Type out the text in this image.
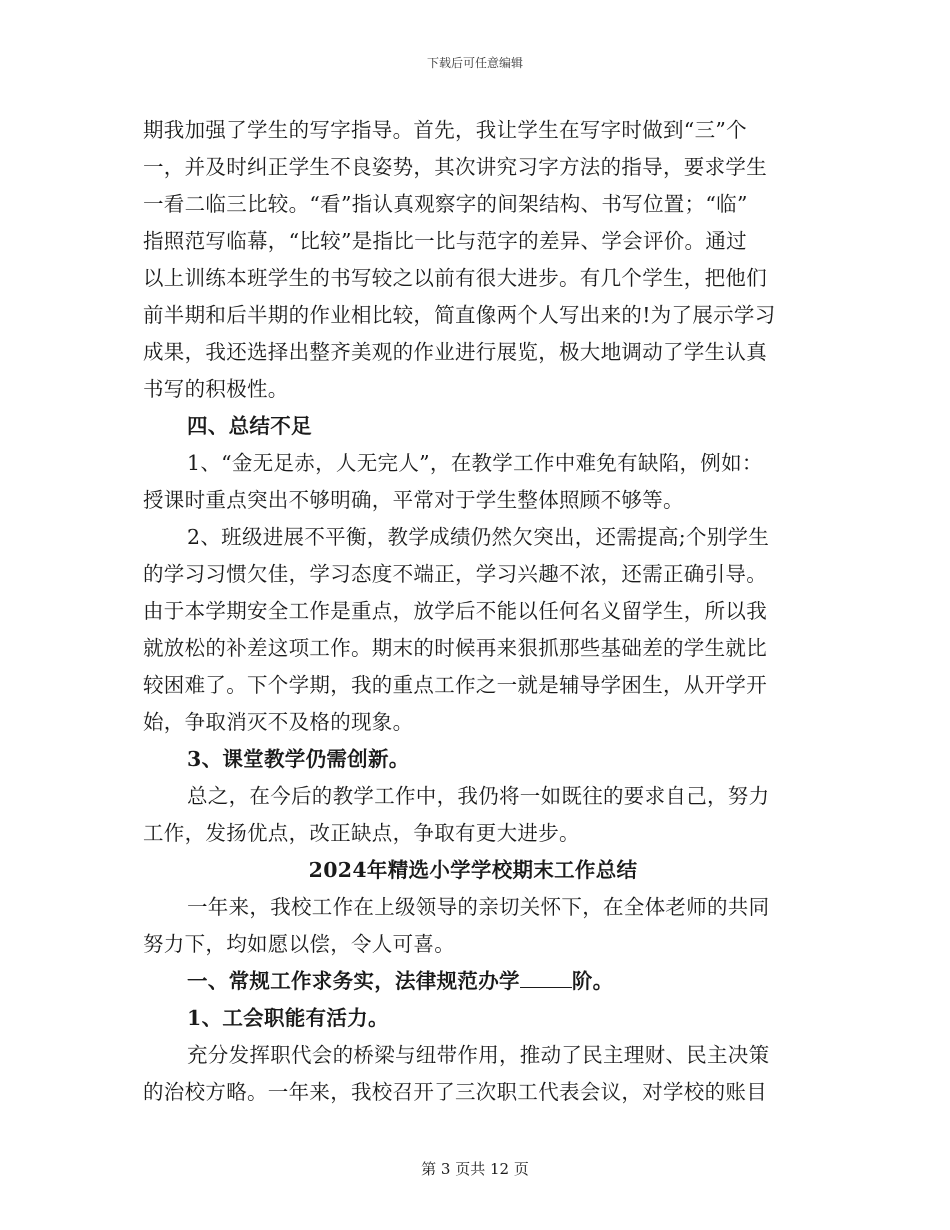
下载后可任意编辑
期我加强了学生的写字指导。首先，我让学生在写字时做到“三”个
一，并及时纠正学生不良姿势，其次讲究习字方法的指导，要求学生
一看二临三比较。“看”指认真观察字的间架结构、书写位置；“临”
指照范写临幕，“比较”是指比一比与范字的差异、学会评价。通过
以上训练本班学生的书写较之以前有很大进步。有几个学生，把他们
前半期和后半期的作业相比较，简直像两个人写出来的!为了展示学习
成果，我还选择出整齐美观的作业进行展览，极大地调动了学生认真
书写的积极性。
四、总结不足
1、“金无足赤，人无完人”，在教学工作中难免有缺陷，例如：
授课时重点突出不够明确，平常对于学生整体照顾不够等。
2、班级进展不平衡，教学成绩仍然欠突出，还需提高;个别学生
的学习习惯欠佳，学习态度不端正，学习兴趣不浓，还需正确引导。
由于本学期安全工作是重点，放学后不能以任何名义留学生，所以我
就放松的补差这项工作。期末的时候再来狠抓那些基础差的学生就比
较困难了。下个学期，我的重点工作之一就是辅导学困生，从开学开
始，争取消灭不及格的现象。
3、课堂教学仍需创新。
总之，在今后的教学工作中，我仍将一如既往的要求自己，努力
工作，发扬优点，改正缺点，争取有更大进步。
2024年精选小学学校期末工作总结
一年来，我校工作在上级领导的亲切关怀下，在全体老师的共同
努力下，均如愿以偿，令人可喜。
一、常规工作求务实，法律规范办学	阶。
1、工会职能有活力。
充分发挥职代会的桥梁与纽带作用，推动了民主理财、民主决策
的治校方略。一年来，我校召开了三次职工代表会议，对学校的账目
第 3 页共 12 页
